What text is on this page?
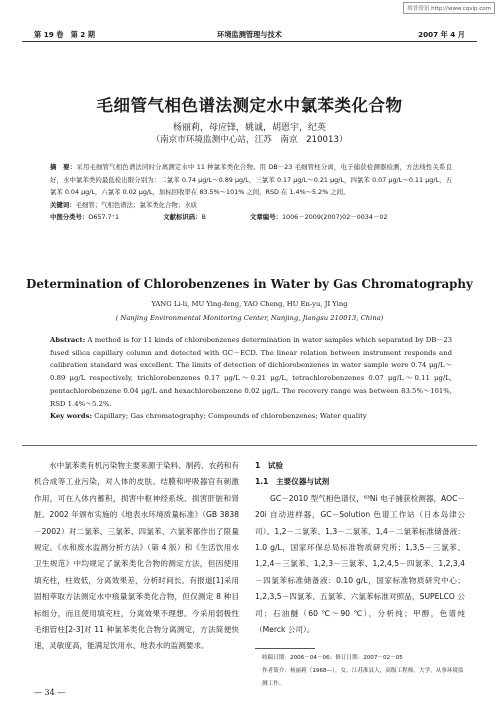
维普资讯 http://www.cqvip.com
第 19 卷　第 2 期	环境监测管理与技术	2007 年 4 月
毛细管气相色谱法测定水中氯苯类化合物
杨丽莉，母应锋，姚诚，胡恩宇，纪英
（南京市环境监测中心站，江苏　南京　210013）
摘　要：采用毛细管气相色谱法同时分离测定水中 11 种氯苯类化合物。用 DB－23 毛细管柱分离，电子捕获检测器检测，方法线性关系良好，水中氯苯类的最低检出限分别为：二氯苯 0.74 μg/L～0.89 μg/L，三氯苯 0.17 μg/L～0.21 μg/L，四氯苯 0.07 μg/L～0.11 μg/L，五氯苯 0.04 μg/L，六氯苯 0.02 μg/L，加标回收率在 83.5%～101% 之间，RSD 在 1.4%～5.2% 之间。
关键词：毛细管；气相色谱法；氯苯类化合物；水质
中图分类号：O657.7⁺1	文献标识码：B	文章编号：1006－2009(2007)02－0034－02
Determination of Chlorobenzenes in Water by Gas Chromatography
YANG Li-li, MU Ying-feng, YAO Cheng, HU En-yu, JI Ying
( Nanjing Environmental Monitoring Center, Nanjing, Jiangsu 210013, China)
Abstract: A method is for 11 kinds of chlorobenzenes determination in water samples which separated by DB－23 fused silica capillary column and detected with GC－ECD. The linear relation between instrument responds and calibration standard was excellent. The limits of detection of dichlorobenzenes in water sample were 0.74 μg/L～0.89 μg/L respectively, trichlorobenzenes 0.17 μg/L～0.21 μg/L, tetrachlorobenzenes 0.07 μg/L～0.11 μg/L, pentachlorobenzene 0.04 μg/L and hexachlorobenzene 0.02 μg/L. The recovery range was between 83.5%～101%, RSD 1.4%～5.2%.
Key words: Capillary; Gas chromatography; Compounds of chlorobenzenes; Water quality

水中氯苯类有机污染物主要来源于染料、制药、农药和有机合成等工业污染，对人体的皮肤、结膜和呼吸器官有刺激作用，可在人体内蓄积，损害中枢神经系统、损害肝脏和肾脏。2002 年颁布实施的《地表水环境质量标准》（GB 3838－2002）对二氯苯、三氯苯、四氯苯、六氯苯都作出了限量规定。《水和废水监测分析方法》（第 4 版）和《生活饮用水卫生规范》中均规定了氯苯类化合物的测定方法，但因使用填充柱，柱效低，分离效果差，分析时间长。有报道[1]采用固相萃取方法测定水中痕量氯苯类化合物，但仅测定 8 种目标组分，而且使用填充柱，分离效果不理想。今采用弱极性毛细管柱[2-3]对 11 种氯苯类化合物分离测定，方法简便快速，灵敏度高，能满足饮用水、地表水的监测要求。

1　试验

1.1　主要仪器与试剂

GC－2010 型气相色谱仪，⁶³Ni 电子捕获检测器，AOC－20i 自动进样器，GC－Solution 色谱工作站（日本岛津公司）。1,2－二氯苯、1,3－二氯苯、1,4－二氯苯标准储备液：1.0 g/L，国家环保总局标准物质研究所；1,3,5－三氯苯、1,2,4－三氯苯、1,2,3－三氯苯、1,2,4,5－四氯苯、1,2,3,4－四氯苯标准储备液：0.10 g/L，国家标准物质研究中心；1,2,3,5－四氯苯、五氯苯、六氯苯标准对照品，SUPELCO 公司；石油醚（60 ℃～90 ℃），分析纯；甲醇，色谱纯（Merck 公司）。

收稿日期：2006－04－06；修订日期：2007－02－05
作者简介：杨丽莉（1968—），女，江苏淮县人，高级工程师，大学，从事环境监测工作。
— 34 —
